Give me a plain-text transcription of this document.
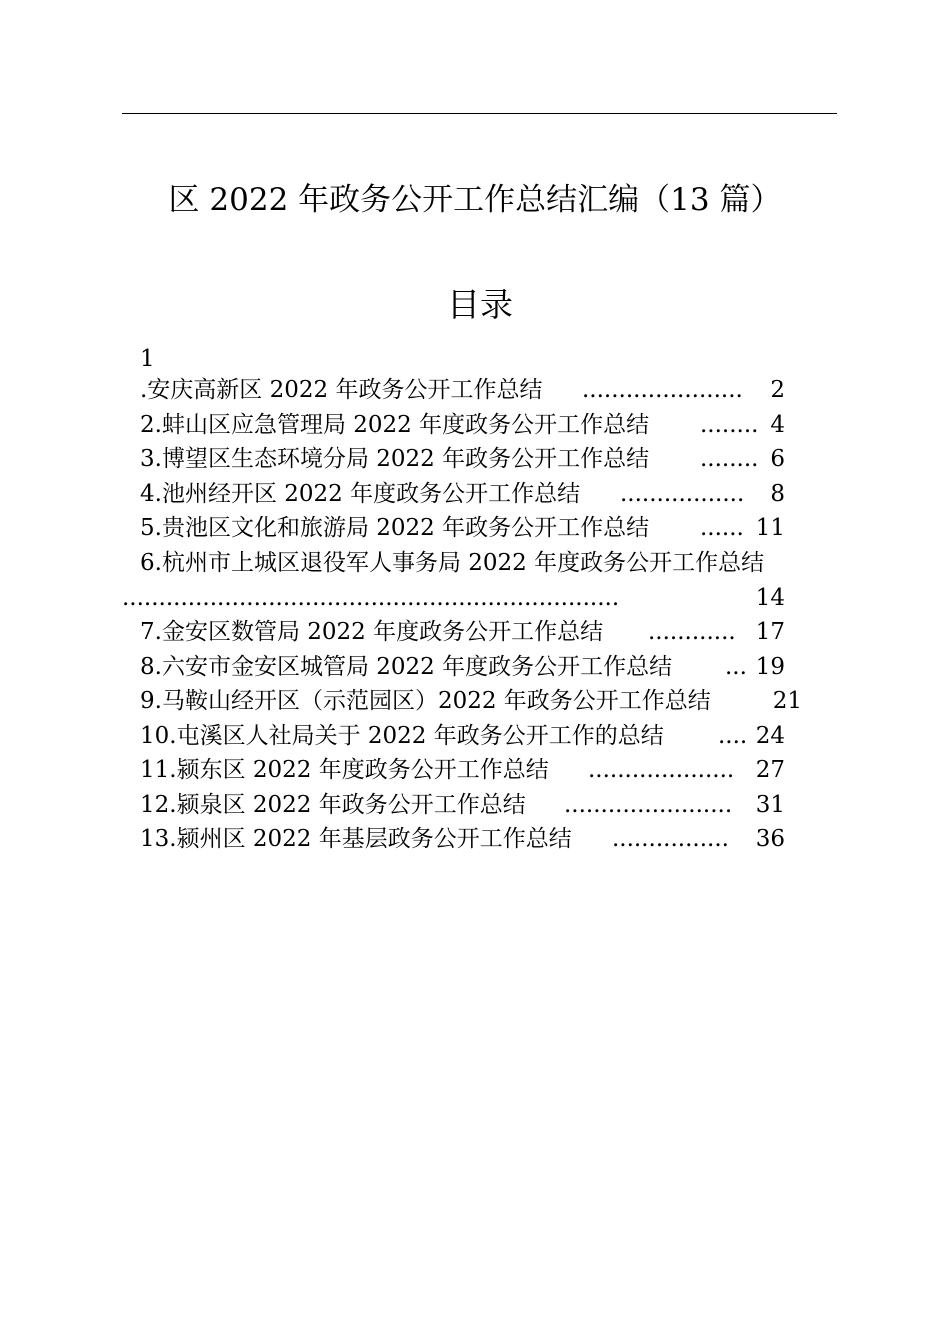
区 2022 年政务公开工作总结汇编（13 篇）
目录
1
.安庆高新区 2022 年政务公开工作总结 ......................	2
2.蚌山区应急管理局 2022 年度政务公开工作总结 ........ 4
3.博望区生态环境分局 2022 年政务公开工作总结 ........ 6
4.池州经开区 2022 年度政务公开工作总结 .................	8
5.贵池区文化和旅游局 2022 年政务公开工作总结 ...... 11
6.杭州市上城区退役军人事务局 2022 年度政务公开工作总结
....................................................................	14
7.金安区数管局 2022 年度政务公开工作总结 ............ 17
8.六安市金安区城管局 2022 年度政务公开工作总结 ... 19
9.马鞍山经开区（示范园区）2022 年政务公开工作总结	21
10.屯溪区人社局关于 2022 年政务公开工作的总结 .... 24
11.颍东区 2022 年度政务公开工作总结 .................... 27
12.颍泉区 2022 年政务公开工作总结 .......................	31
13.颍州区 2022 年基层政务公开工作总结 ................	36
